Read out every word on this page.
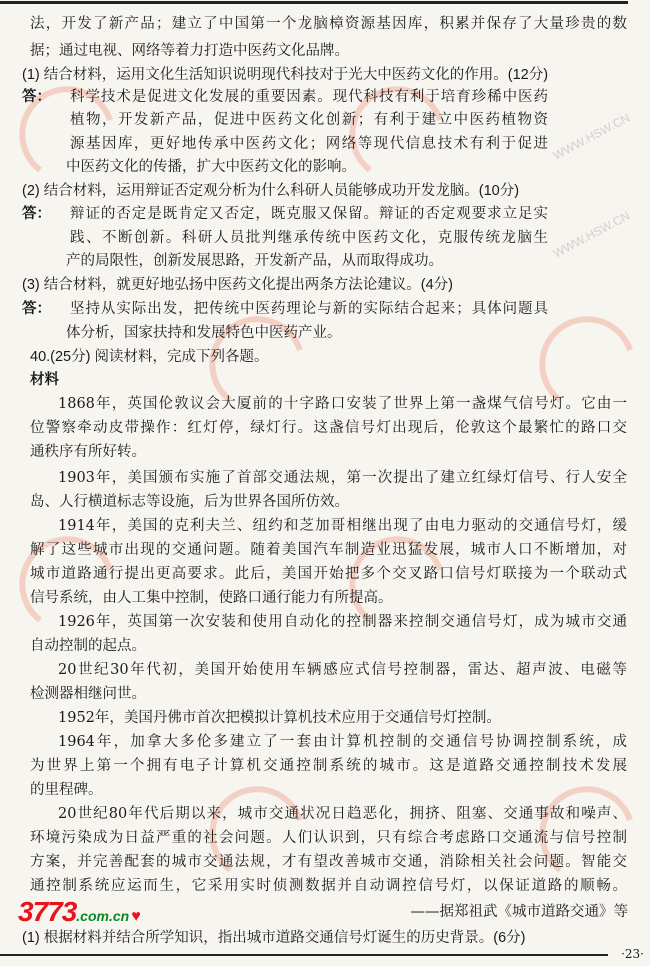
WWW.HSW.CN
WWW.HSW.CN
法，开发了新产品；建立了中国第一个龙脑樟资源基因库，积累并保存了大量珍贵的数
据；通过电视、网络等着力打造中医药文化品牌。
(1) 结合材料，运用文化生活知识说明现代科技对于光大中医药文化的作用。(12分)
答：	科学技术是促进文化发展的重要因素。现代科技有利于培育珍稀中医药
植物，开发新产品，促进中医药文化创新；有利于建立中医药植物资
源基因库，更好地传承中医药文化；网络等现代信息技术有利于促进
中医药文化的传播，扩大中医药文化的影响。
(2) 结合材料，运用辩证否定观分析为什么科研人员能够成功开发龙脑。(10分)
答：	辩证的否定是既肯定又否定，既克服又保留。辩证的否定观要求立足实
践、不断创新。科研人员批判继承传统中医药文化，克服传统龙脑生
产的局限性，创新发展思路，开发新产品，从而取得成功。
(3) 结合材料，就更好地弘扬中医药文化提出两条方法论建议。(4分)
答：	坚持从实际出发，把传统中医药理论与新的实际结合起来；具体问题具
体分析，国家扶持和发展特色中医药产业。
40.(25分) 阅读材料，完成下列各题。
材料
1868年，英国伦敦议会大厦前的十字路口安装了世界上第一盏煤气信号灯。它由一
位警察牵动皮带操作：红灯停，绿灯行。这盏信号灯出现后，伦敦这个最繁忙的路口交
通秩序有所好转。
1903年，美国颁布实施了首部交通法规，第一次提出了建立红绿灯信号、行人安全
岛、人行横道标志等设施，后为世界各国所仿效。
1914年，美国的克利夫兰、纽约和芝加哥相继出现了由电力驱动的交通信号灯，缓
解了这些城市出现的交通问题。随着美国汽车制造业迅猛发展，城市人口不断增加，对
城市道路通行提出更高要求。此后，美国开始把多个交叉路口信号灯联接为一个联动式
信号系统，由人工集中控制，使路口通行能力有所提高。
1926年，英国第一次安装和使用自动化的控制器来控制交通信号灯，成为城市交通
自动控制的起点。
20世纪30年代初，美国开始使用车辆感应式信号控制器，雷达、超声波、电磁等
检测器相继问世。
1952年，美国丹佛市首次把模拟计算机技术应用于交通信号灯控制。
1964年，加拿大多伦多建立了一套由计算机控制的交通信号协调控制系统，成
为世界上第一个拥有电子计算机交通控制系统的城市。这是道路交通控制技术发展
的里程碑。
20世纪80年代后期以来，城市交通状况日趋恶化，拥挤、阻塞、交通事故和噪声、
环境污染成为日益严重的社会问题。人们认识到，只有综合考虑路口交通流与信号控制
方案，并完善配套的城市交通法规，才有望改善城市交通，消除相关社会问题。智能交
通控制系统应运而生，它采用实时侦测数据并自动调控信号灯，以保证道路的顺畅。
——据郑祖武《城市道路交通》等
(1) 根据材料并结合所学知识，指出城市道路交通信号灯诞生的历史背景。(6分)
3773.com.cn ♥
·23·
